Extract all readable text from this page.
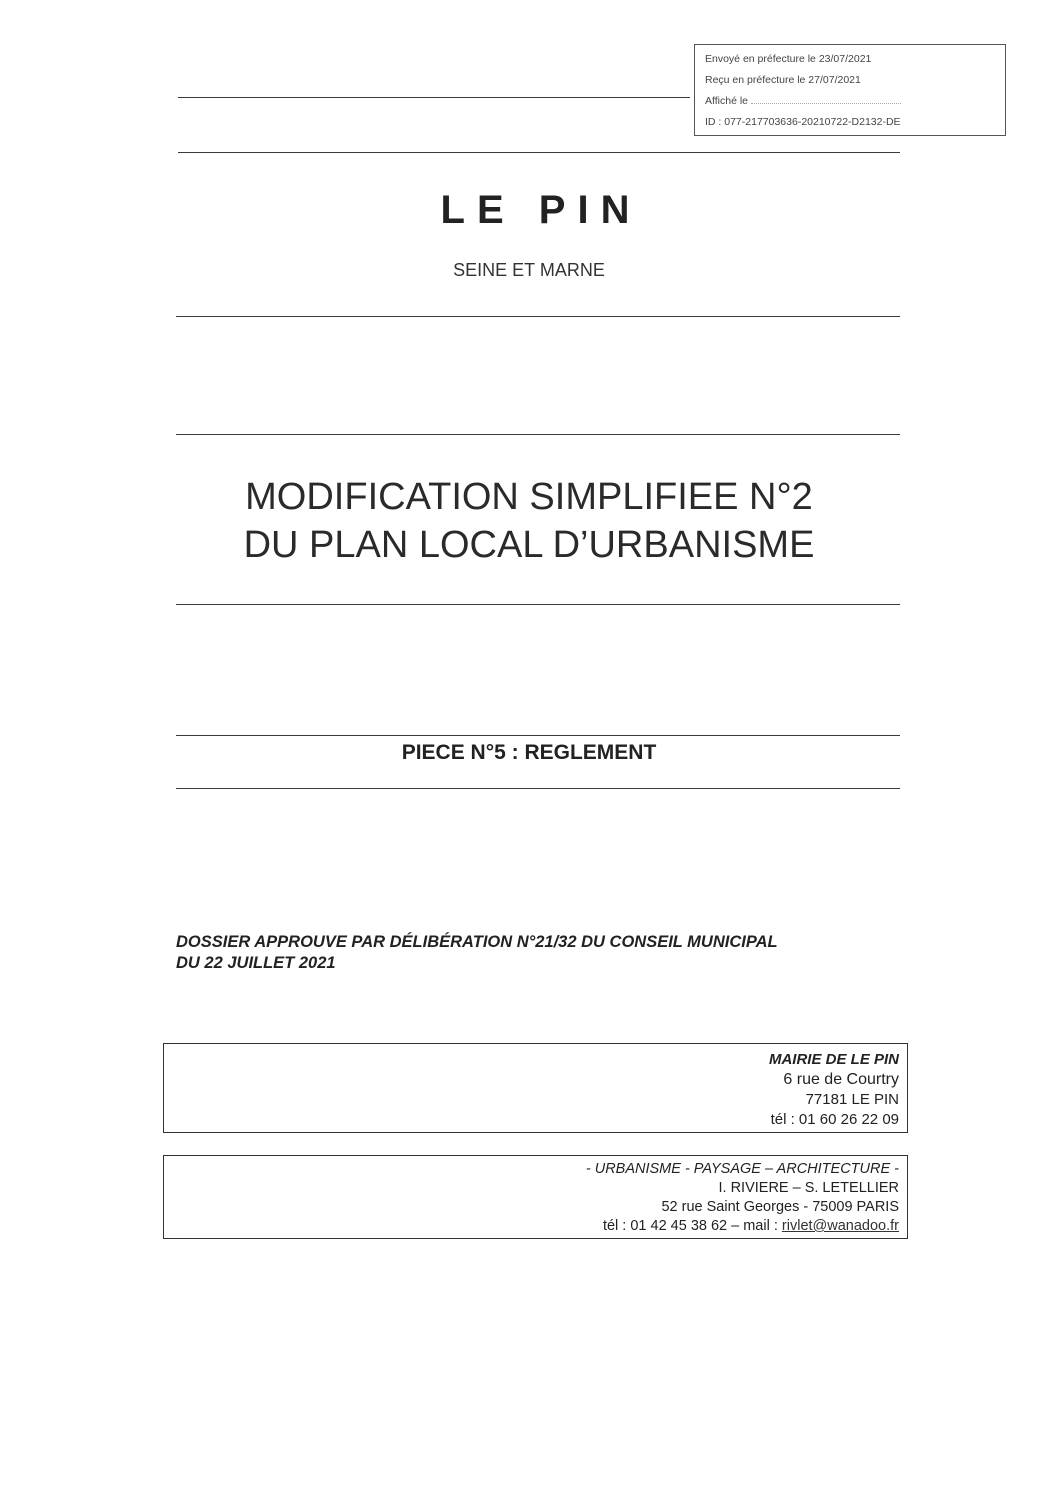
Envoyé en préfecture le 23/07/2021
Reçu en préfecture le 27/07/2021
Affiché le
ID : 077-217703636-20210722-D2132-DE
LE PIN
SEINE ET MARNE
MODIFICATION SIMPLIFIEE N°2
DU PLAN LOCAL D’URBANISME
PIECE N°5 : REGLEMENT
DOSSIER APPROUVE PAR DÉLIBÉRATION N°21/32 DU CONSEIL MUNICIPAL
DU 22 JUILLET 2021
MAIRIE DE LE PIN
6 rue de Courtry
77181 LE PIN
tél : 01 60 26 22 09
- URBANISME - PAYSAGE – ARCHITECTURE -
I. RIVIERE – S. LETELLIER
52 rue Saint Georges - 75009 PARIS
tél : 01 42 45 38 62 – mail : rivlet@wanadoo.fr
